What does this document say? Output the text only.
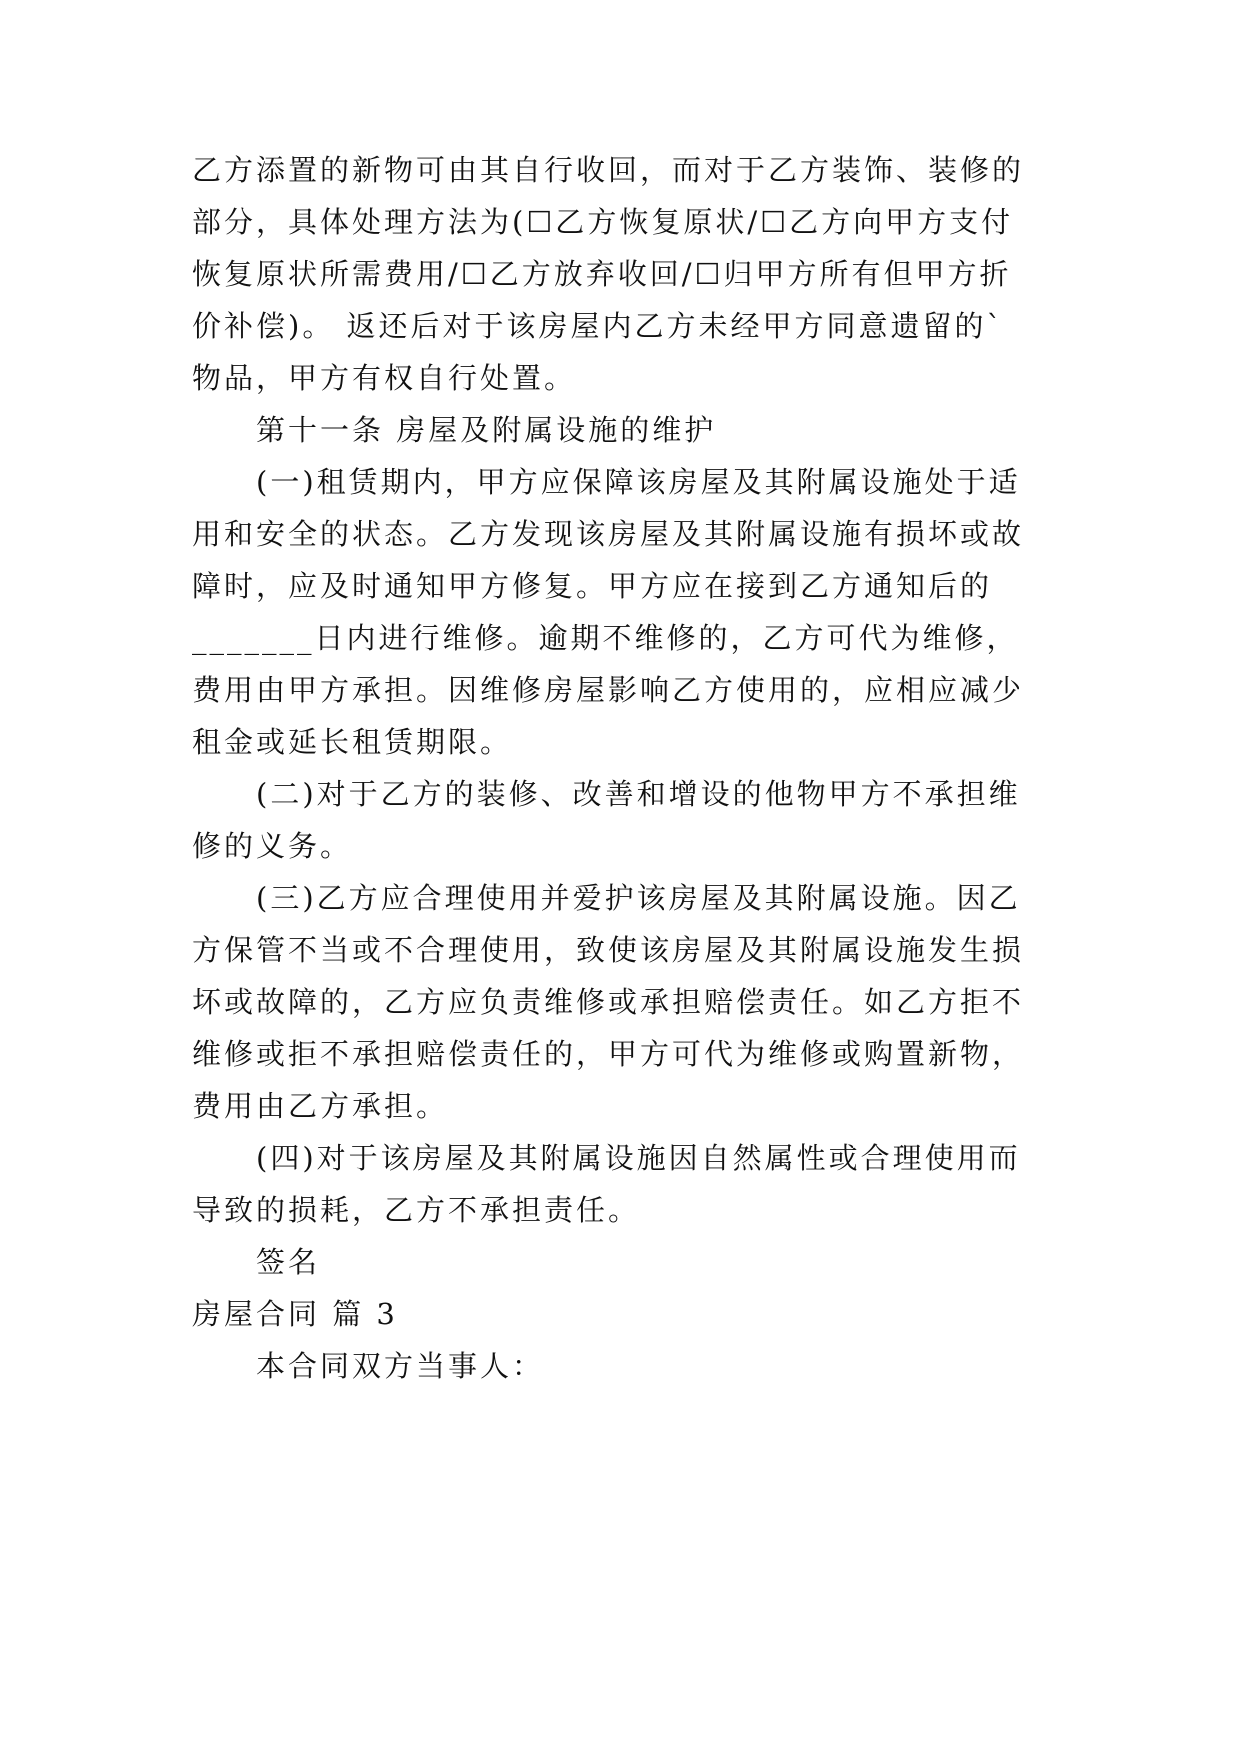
乙方添置的新物可由其自行收回，而对于乙方装饰、装修的
部分，具体处理方法为(☐乙方恢复原状/☐乙方向甲方支付
恢复原状所需费用/☐乙方放弃收回/☐归甲方所有但甲方折
价补偿)。 返还后对于该房屋内乙方未经甲方同意遗留的`
物品，甲方有权自行处置。
第十一条 房屋及附属设施的维护
(一)租赁期内，甲方应保障该房屋及其附属设施处于适
用和安全的状态。乙方发现该房屋及其附属设施有损坏或故
障时，应及时通知甲方修复。甲方应在接到乙方通知后的
_______日内进行维修。逾期不维修的，乙方可代为维修，
费用由甲方承担。因维修房屋影响乙方使用的，应相应减少
租金或延长租赁期限。
(二)对于乙方的装修、改善和增设的他物甲方不承担维
修的义务。
(三)乙方应合理使用并爱护该房屋及其附属设施。因乙
方保管不当或不合理使用，致使该房屋及其附属设施发生损
坏或故障的，乙方应负责维修或承担赔偿责任。如乙方拒不
维修或拒不承担赔偿责任的，甲方可代为维修或购置新物，
费用由乙方承担。
(四)对于该房屋及其附属设施因自然属性或合理使用而
导致的损耗，乙方不承担责任。
签名
房屋合同 篇 3
本合同双方当事人：
